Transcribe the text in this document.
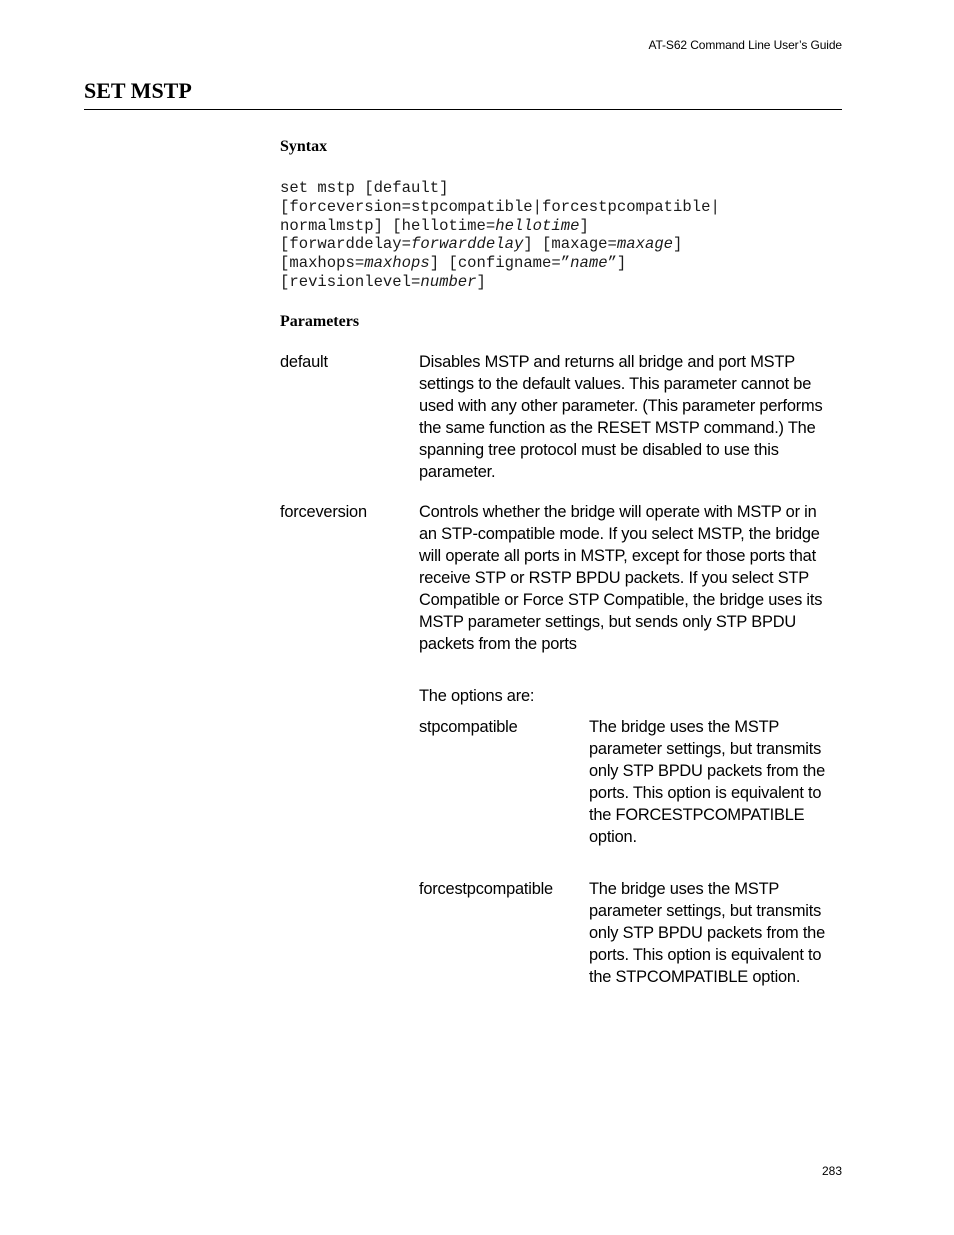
AT-S62 Command Line User’s Guide
SET MSTP
Syntax
set mstp [default]
[forceversion=stpcompatible|forcestpcompatible|
normalmstp] [hellotime=hellotime]
[forwarddelay=forwarddelay] [maxage=maxage]
[maxhops=maxhops] [configname=”name”]
[revisionlevel=number]
Parameters
default	Disables MSTP and returns all bridge and port MSTP settings to the default values. This parameter cannot be used with any other parameter. (This parameter performs the same function as the RESET MSTP command.) The spanning tree protocol must be disabled to use this parameter.
forceversion	Controls whether the bridge will operate with MSTP or in an STP-compatible mode. If you select MSTP, the bridge will operate all ports in MSTP, except for those ports that receive STP or RSTP BPDU packets. If you select STP Compatible or Force STP Compatible, the bridge uses its MSTP parameter settings, but sends only STP BPDU packets from the ports
The options are:
stpcompatible	The bridge uses the MSTP parameter settings, but transmits only STP BPDU packets from the ports. This option is equivalent to the FORCESTPCOMPATIBLE option.
forcestpcompatible The bridge uses the MSTP parameter settings, but transmits only STP BPDU packets from the ports. This option is equivalent to the STPCOMPATIBLE option.
283
